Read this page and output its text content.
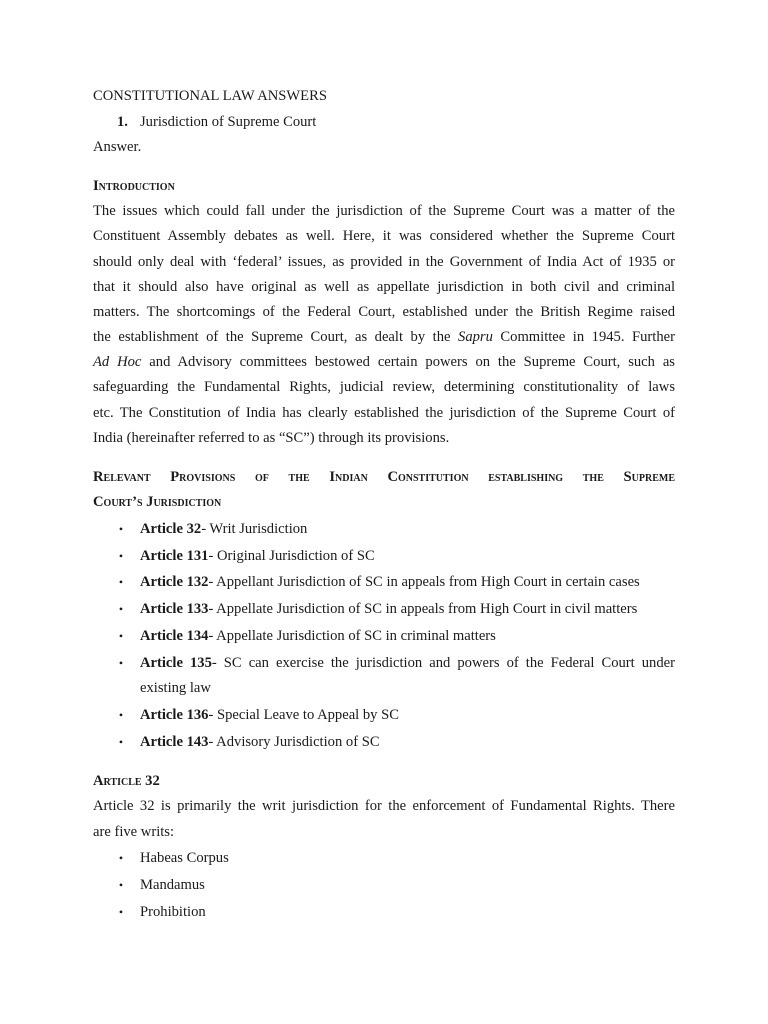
CONSTITUTIONAL LAW ANSWERS
1. Jurisdiction of Supreme Court
Answer.
Introduction
The issues which could fall under the jurisdiction of the Supreme Court was a matter of the
Constituent Assembly debates as well. Here, it was considered whether the Supreme Court
should only deal with ‘federal’ issues, as provided in the Government of India Act of 1935 or
that it should also have original as well as appellate jurisdiction in both civil and criminal
matters. The shortcomings of the Federal Court, established under the British Regime raised
the establishment of the Supreme Court, as dealt by the Sapru Committee in 1945. Further
Ad Hoc and Advisory committees bestowed certain powers on the Supreme Court, such as
safeguarding the Fundamental Rights, judicial review, determining constitutionality of laws
etc. The Constitution of India has clearly established the jurisdiction of the Supreme Court of
India (hereinafter referred to as “SC”) through its provisions.
Relevant Provisions of the Indian Constitution establishing the Supreme
Court’s Jurisdiction
• Article 32- Writ Jurisdiction
• Article 131- Original Jurisdiction of SC
• Article 132- Appellant Jurisdiction of SC in appeals from High Court in certain cases
• Article 133- Appellate Jurisdiction of SC in appeals from High Court in civil matters
• Article 134- Appellate Jurisdiction of SC in criminal matters
• Article 135- SC can exercise the jurisdiction and powers of the Federal Court under
existing law
• Article 136- Special Leave to Appeal by SC
• Article 143- Advisory Jurisdiction of SC
Article 32
Article 32 is primarily the writ jurisdiction for the enforcement of Fundamental Rights. There
are five writs:
• Habeas Corpus
• Mandamus
• Prohibition
